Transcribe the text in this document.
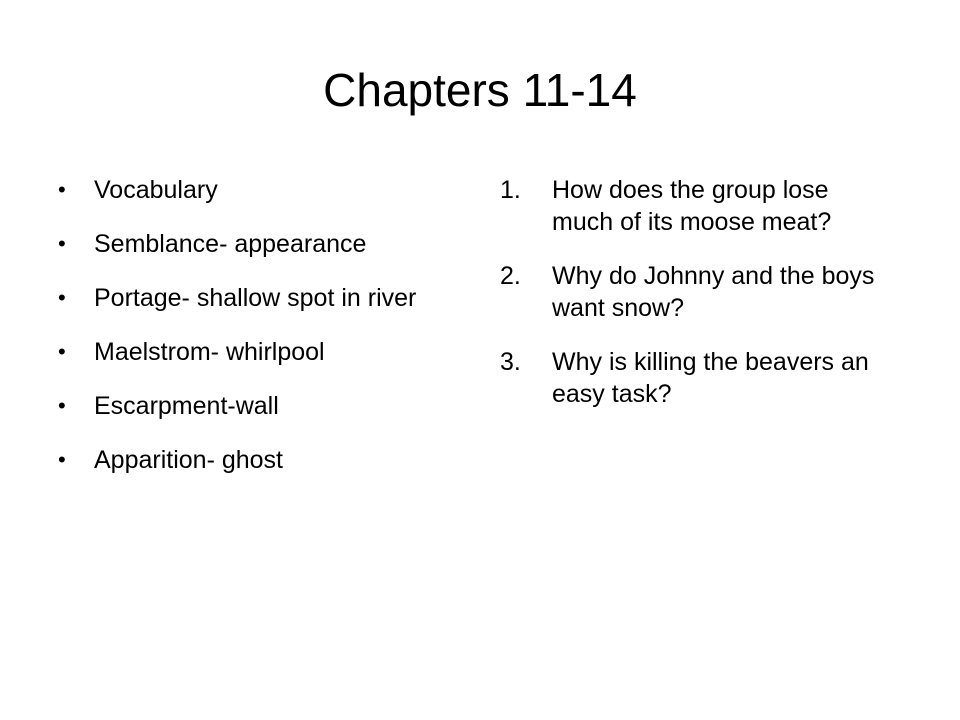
Chapters 11-14
•	Vocabulary
•	Semblance- appearance
•	Portage- shallow spot in river
•	Maelstrom- whirlpool
•	Escarpment-wall
•	Apparition- ghost
1. How does the group lose much of its moose meat?
2. Why do Johnny and the boys want snow?
3. Why is killing the beavers an easy task?
